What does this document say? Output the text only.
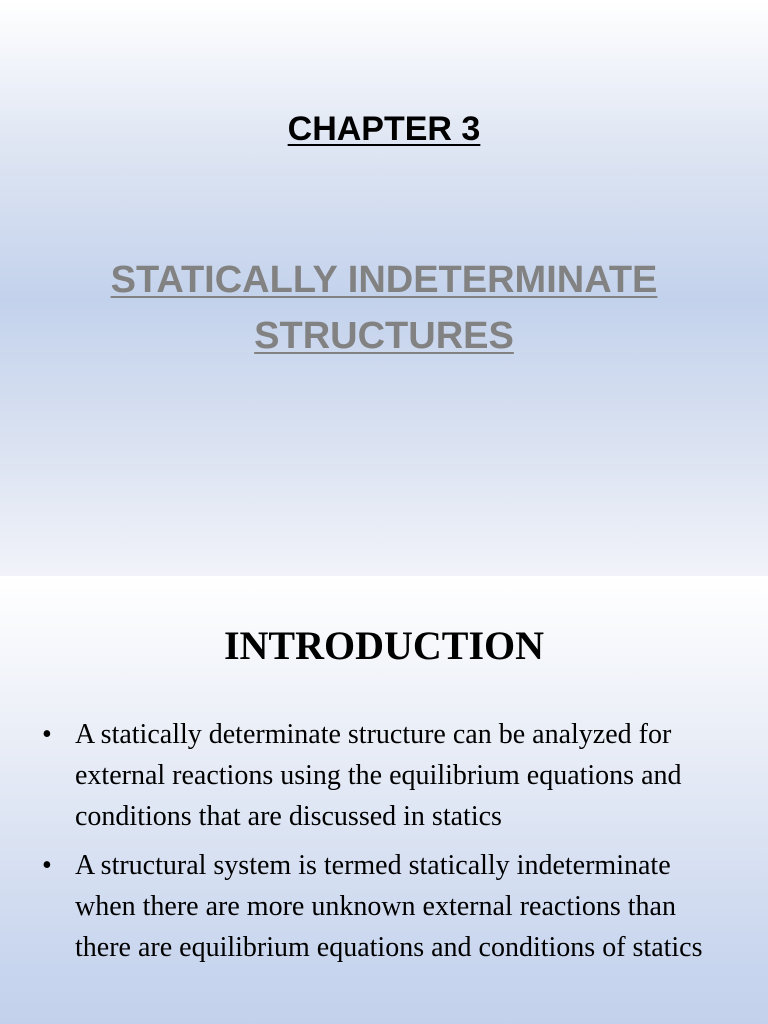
CHAPTER 3
STATICALLY INDETERMINATE
STRUCTURES
INTRODUCTION
• A statically determinate structure can be analyzed for external reactions using the equilibrium equations and conditions that are discussed in statics
• A structural system is termed statically indeterminate when there are more unknown external reactions than there are equilibrium equations and conditions of statics
